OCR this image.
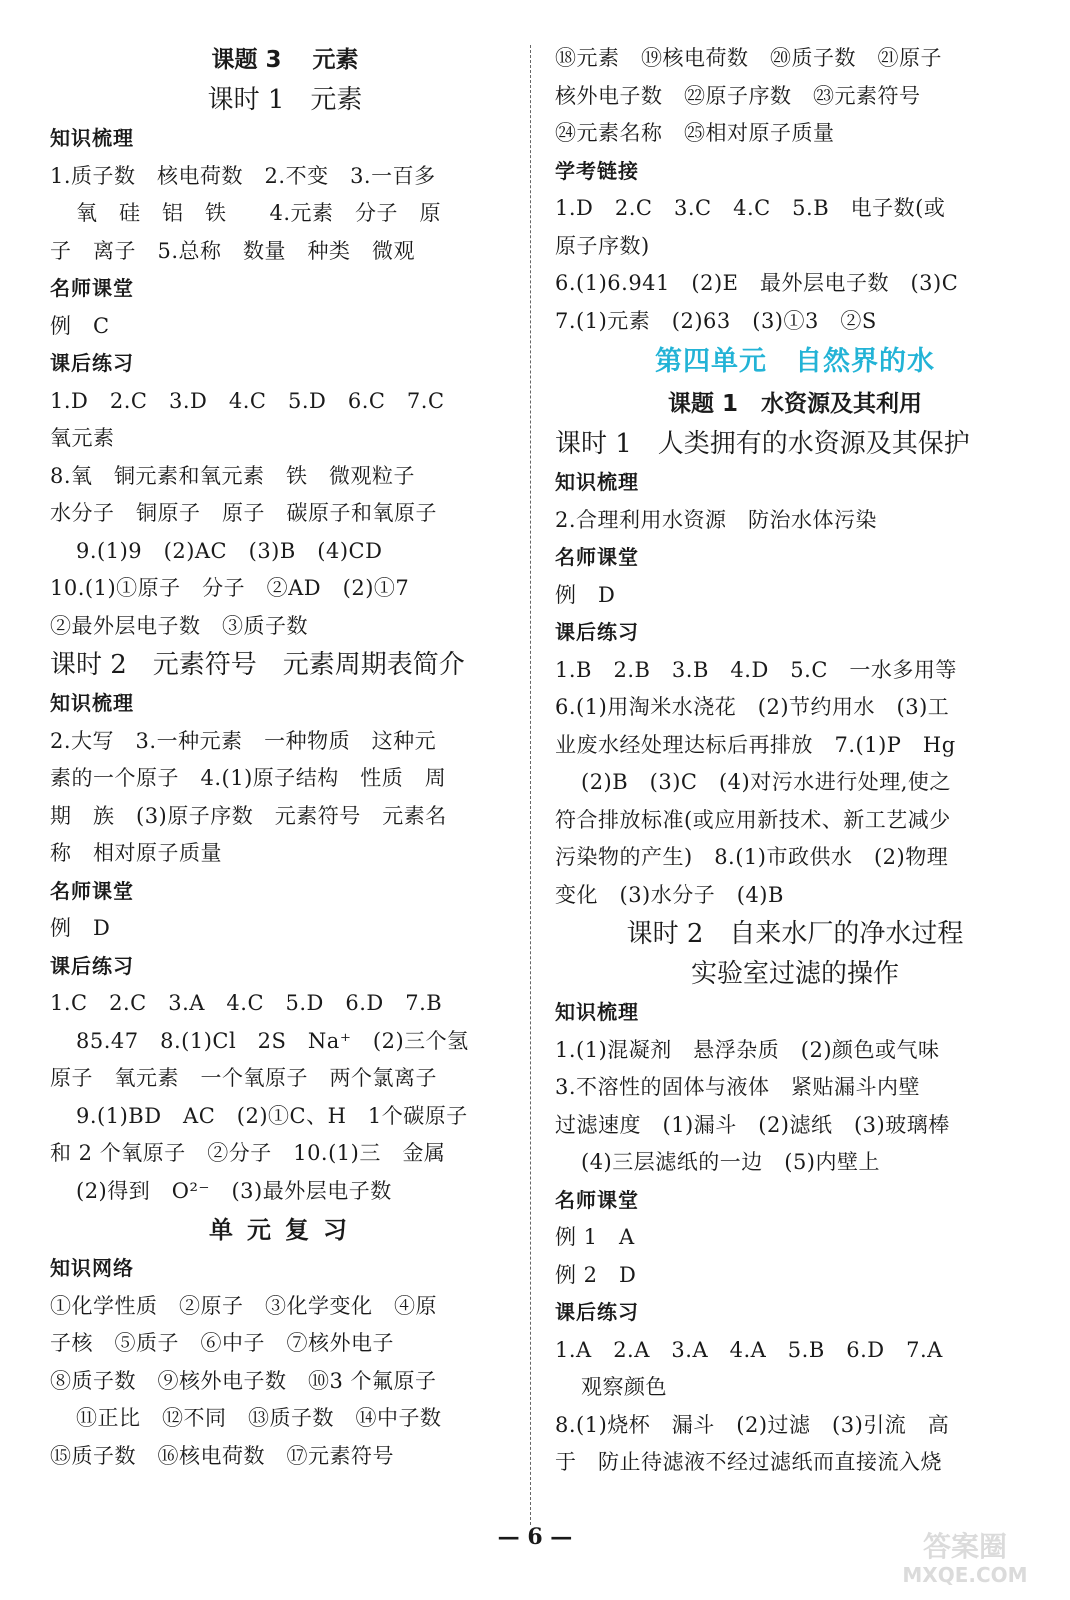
课题 3　 元素
课时 1　元素
知识梳理
1.质子数　核电荷数　2.不变　3.一百多
氧　硅　铝　铁　　4.元素　分子　原
子　离子　5.总称　数量　种类　微观
名师课堂
例　C
课后练习
1.D　2.C　3.D　4.C　5.D　6.C　7.C
氧元素
8.氧　铜元素和氧元素　铁　微观粒子
水分子　铜原子　原子　碳原子和氧原子
9.(1)9　(2)AC　(3)B　(4)CD
10.(1)①原子　分子　②AD　(2)①7
②最外层电子数　③质子数
课时 2　元素符号　元素周期表简介
知识梳理
2.大写　3.一种元素　一种物质　这种元
素的一个原子　4.(1)原子结构　性质　周
期　族　(3)原子序数　元素符号　元素名
称　相对原子质量
名师课堂
例　D
课后练习
1.C　2.C　3.A　4.C　5.D　6.D　7.B
85.47　8.(1)Cl　2S　Na⁺　(2)三个氢
原子　氧元素　一个氧原子　两个氯离子
9.(1)BD　AC　(2)①C、H　1个碳原子
和 2 个氧原子　②分子　10.(1)三　金属
(2)得到　O²⁻　(3)最外层电子数
单元复习
知识网络
①化学性质　②原子　③化学变化　④原
子核　⑤质子　⑥中子　⑦核外电子
⑧质子数　⑨核外电子数　⑩3 个氟原子
⑪正比　⑫不同　⑬质子数　⑭中子数
⑮质子数　⑯核电荷数　⑰元素符号
⑱元素　⑲核电荷数　⑳质子数　㉑原子
核外电子数　㉒原子序数　㉓元素符号
㉔元素名称　㉕相对原子质量
学考链接
1.D　2.C　3.C　4.C　5.B　电子数(或
原子序数)
6.(1)6.941　(2)E　最外层电子数　(3)C
7.(1)元素　(2)63　(3)①3　②S
第四单元　自然界的水
课题 1　水资源及其利用
课时 1　人类拥有的水资源及其保护
知识梳理
2.合理利用水资源　防治水体污染
名师课堂
例　D
课后练习
1.B　2.B　3.B　4.D　5.C　一水多用等
6.(1)用淘米水浇花　(2)节约用水　(3)工
业废水经处理达标后再排放　7.(1)P　Hg
(2)B　(3)C　(4)对污水进行处理,使之
符合排放标准(或应用新技术、新工艺减少
污染物的产生)　8.(1)市政供水　(2)物理
变化　(3)水分子　(4)B
课时 2　自来水厂的净水过程
实验室过滤的操作
知识梳理
1.(1)混凝剂　悬浮杂质　(2)颜色或气味
3.不溶性的固体与液体　紧贴漏斗内壁
过滤速度　(1)漏斗　(2)滤纸　(3)玻璃棒
(4)三层滤纸的一边　(5)内壁上
名师课堂
例 1　A
例 2　D
课后练习
1.A　2.A　3.A　4.A　5.B　6.D　7.A
观察颜色
8.(1)烧杯　漏斗　(2)过滤　(3)引流　高
于　防止待滤液不经过滤纸而直接流入烧
— 6 —	答案圈
MXQE.COM
